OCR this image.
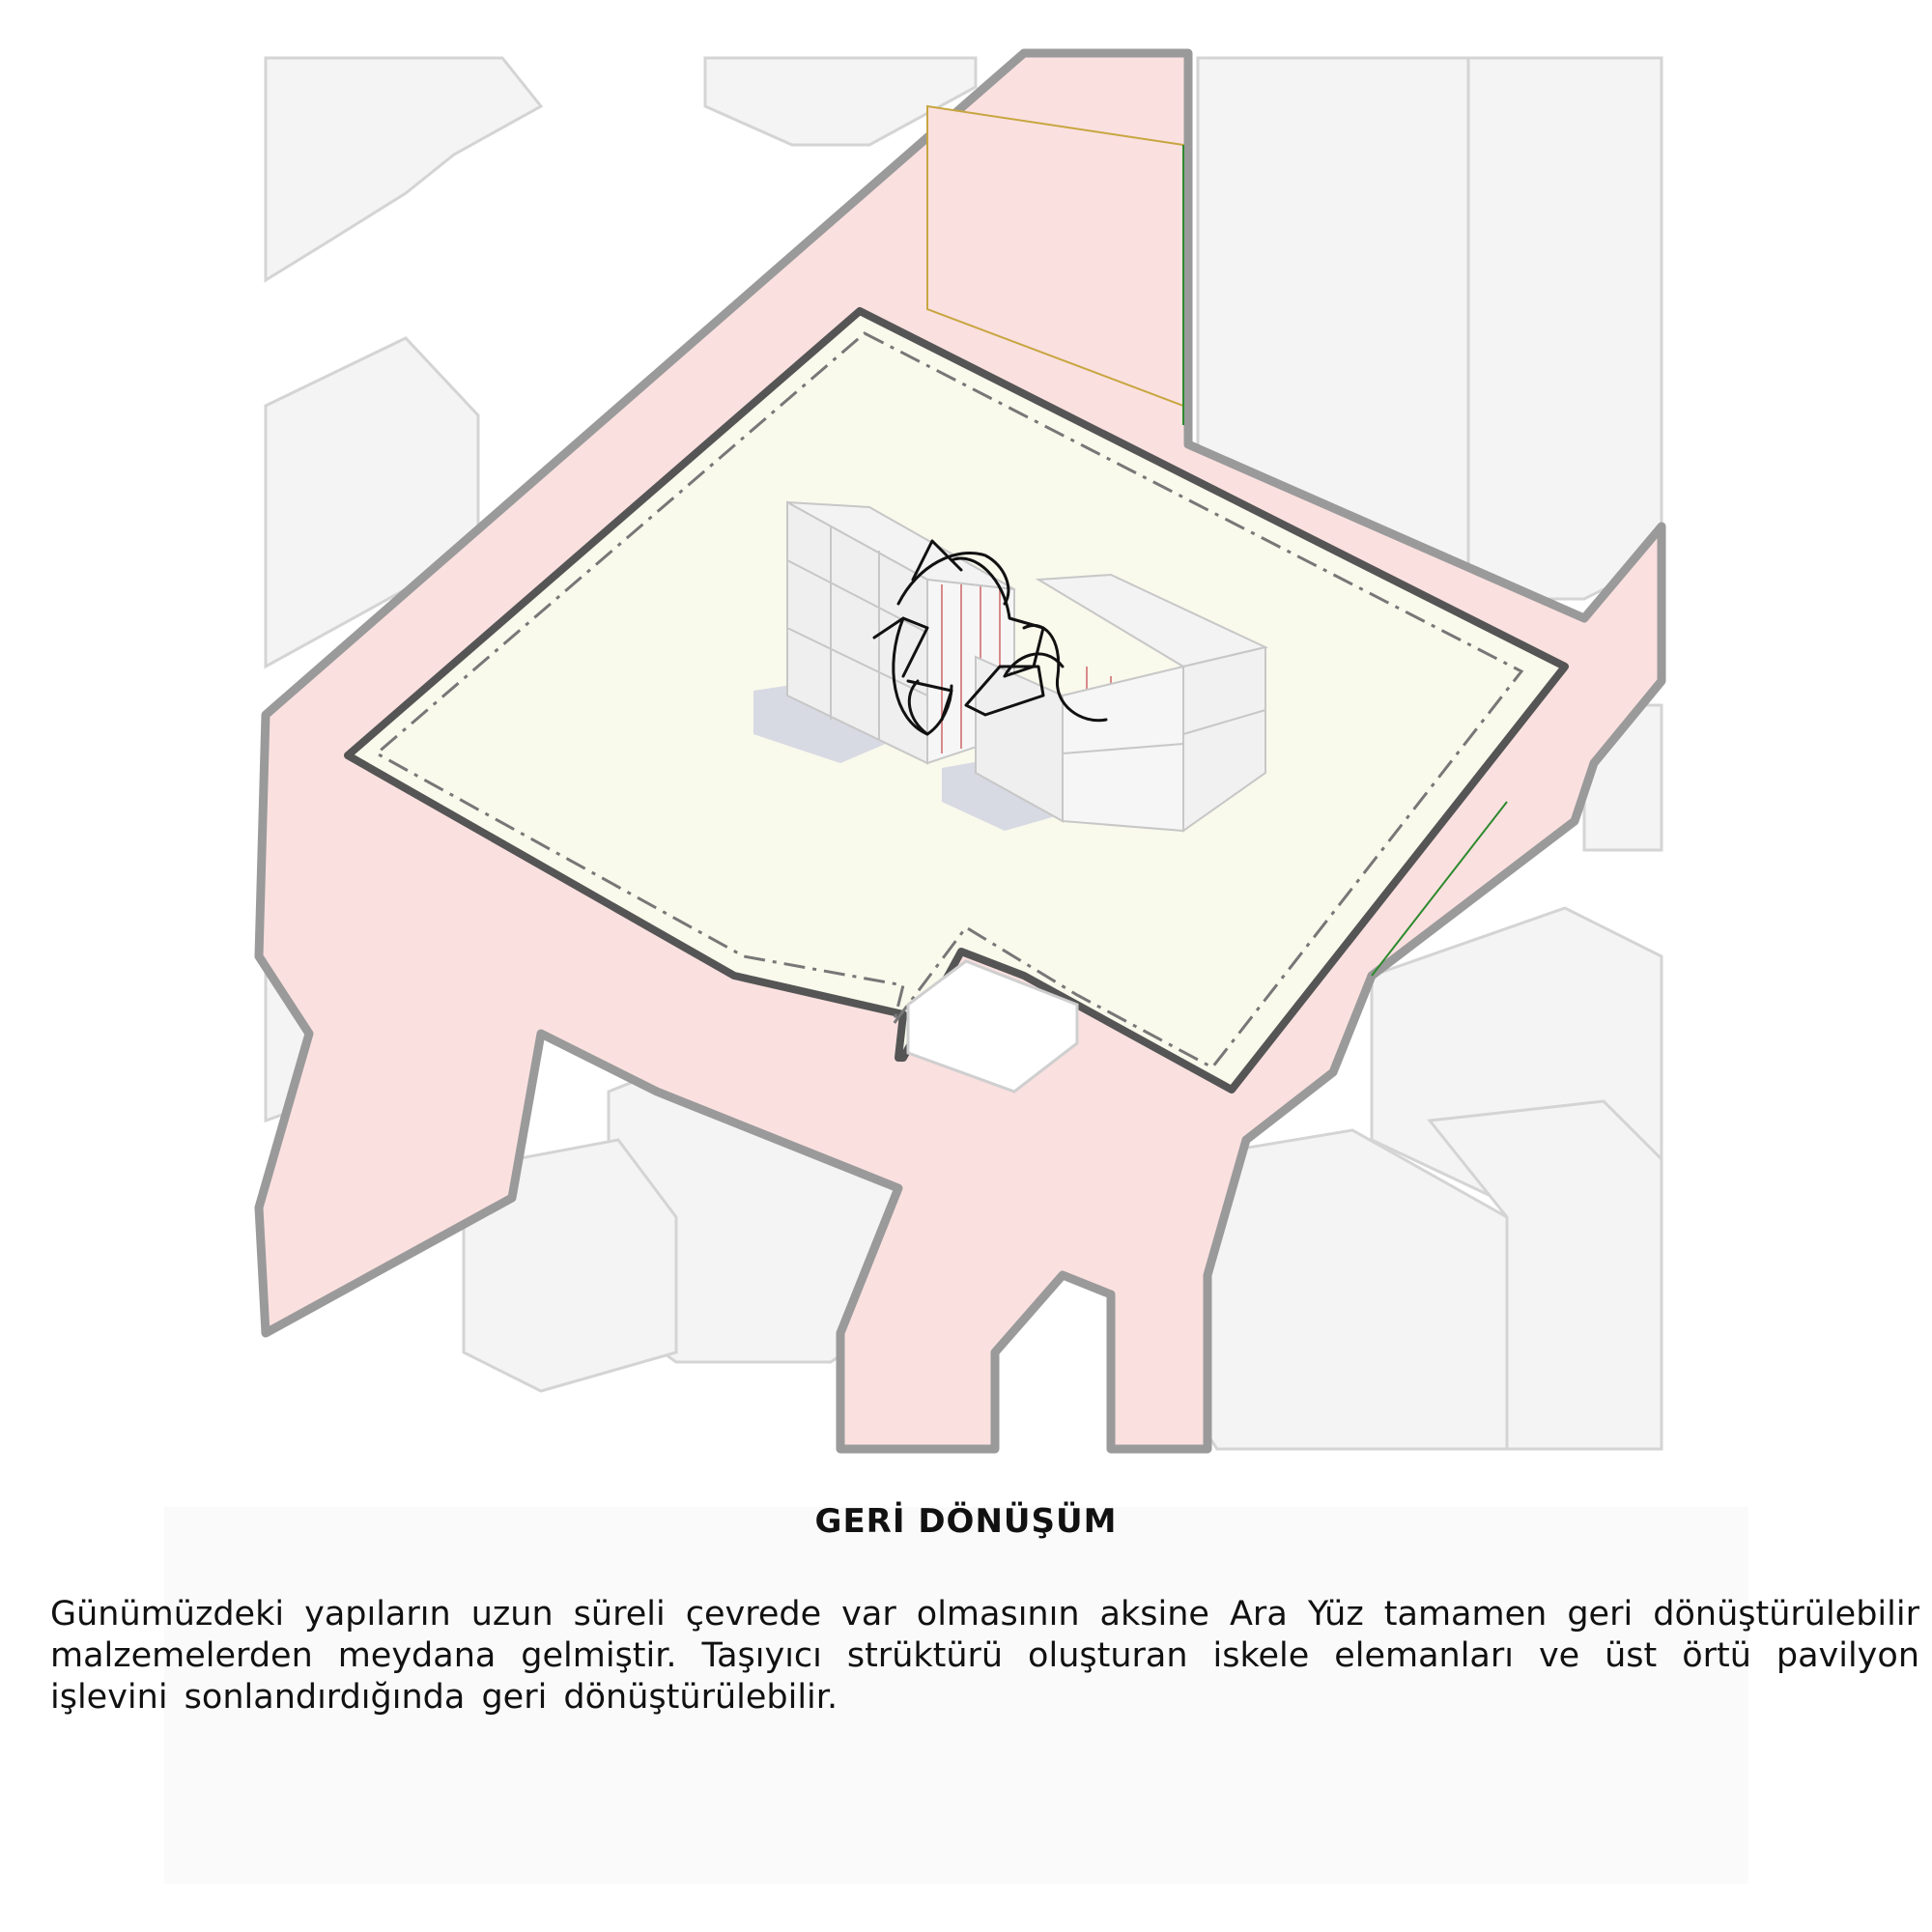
GERİ DÖNÜŞÜM

Günümüzdeki yapıların uzun süreli çevrede var olmasının aksine Ara Yüz tamamen geri dönüştürülebilir malzemelerden meydana gelmiştir. Taşıyıcı strüktürü oluşturan iskele elemanları ve üst örtü pavilyon işlevini sonlandırdığında geri dönüştürülebilir.
